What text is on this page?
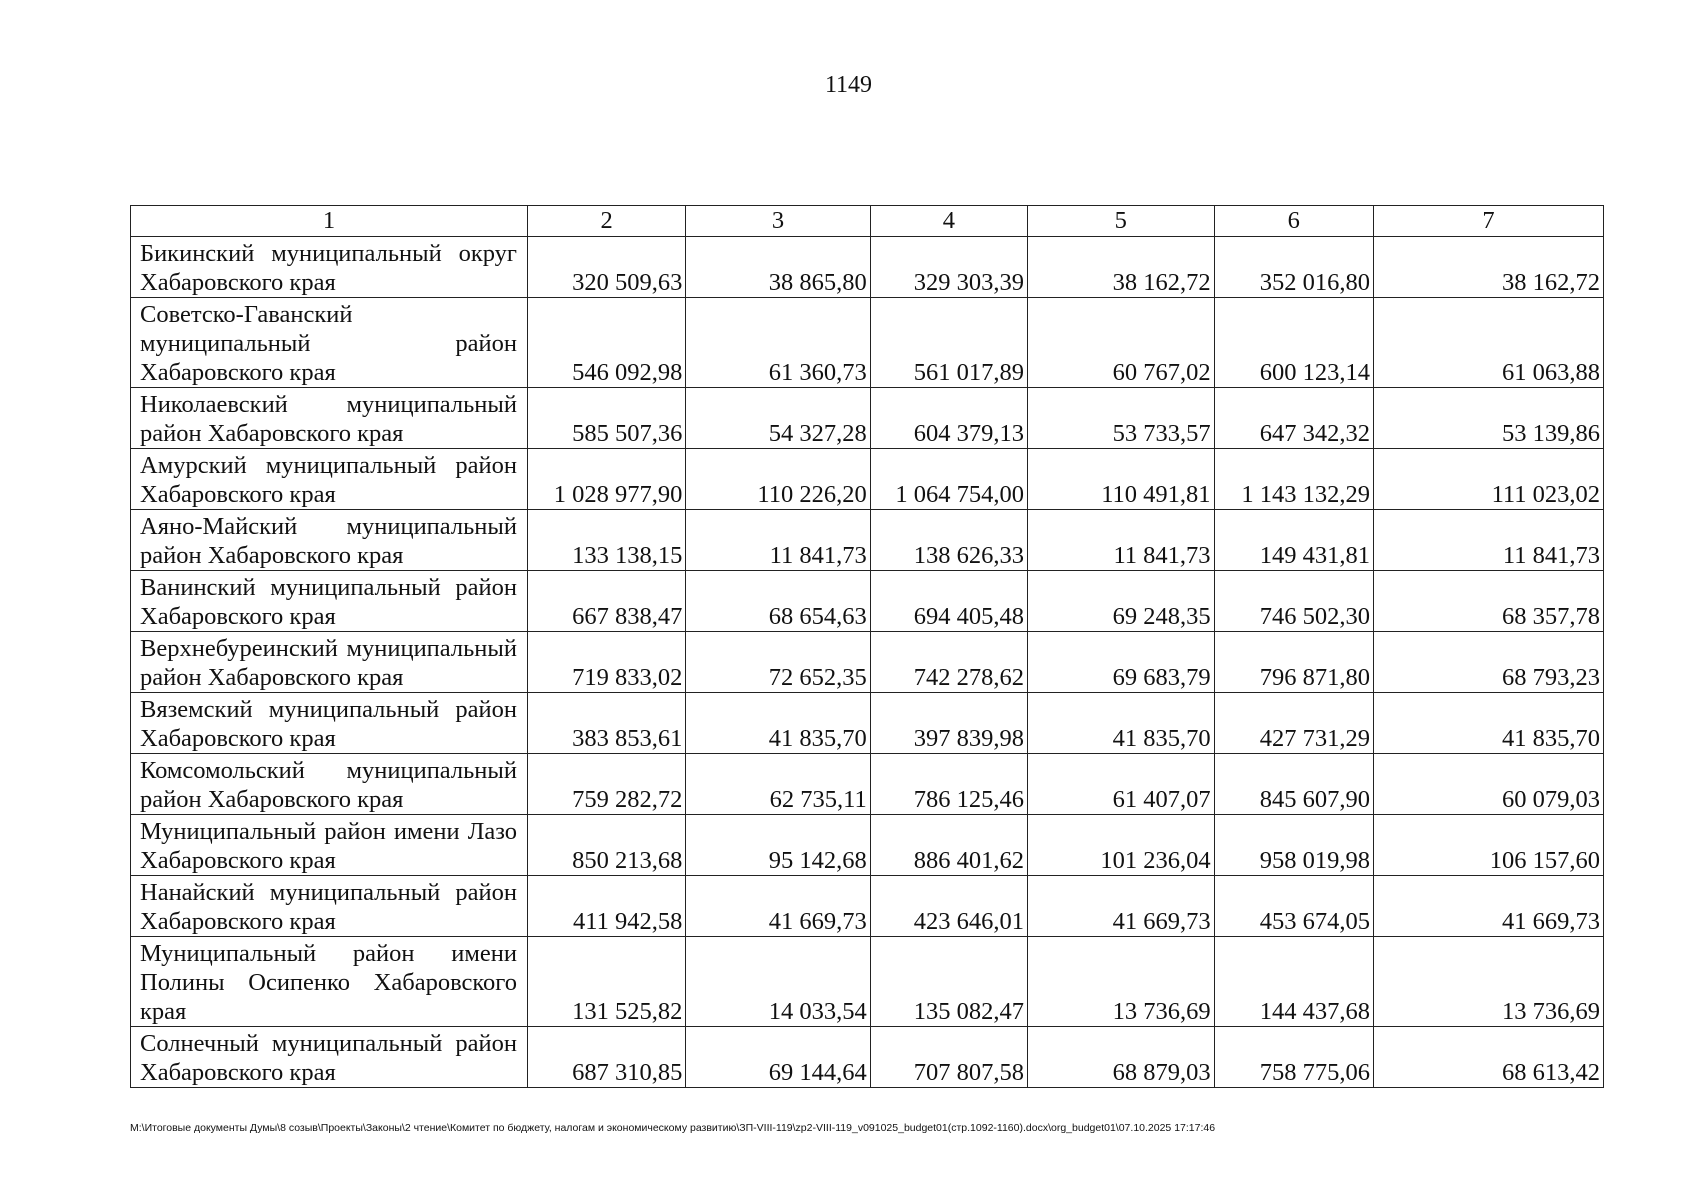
1149
1	2	3	4	5	6	7
Бикинский муниципальный округ Хабаровского края	320 509,63	38 865,80	329 303,39	38 162,72	352 016,80	38 162,72
Советско-Гаванский муниципальный район Хабаровского края	546 092,98	61 360,73	561 017,89	60 767,02	600 123,14	61 063,88
Николаевский муниципальный район Хабаровского края	585 507,36	54 327,28	604 379,13	53 733,57	647 342,32	53 139,86
Амурский муниципальный район Хабаровского края	1 028 977,90	110 226,20	1 064 754,00	110 491,81	1 143 132,29	111 023,02
Аяно-Майский муниципальный район Хабаровского края	133 138,15	11 841,73	138 626,33	11 841,73	149 431,81	11 841,73
Ванинский муниципальный район Хабаровского края	667 838,47	68 654,63	694 405,48	69 248,35	746 502,30	68 357,78
Верхнебуреинский муниципальный район Хабаровского края	719 833,02	72 652,35	742 278,62	69 683,79	796 871,80	68 793,23
Вяземский муниципальный район Хабаровского края	383 853,61	41 835,70	397 839,98	41 835,70	427 731,29	41 835,70
Комсомольский муниципальный район Хабаровского края	759 282,72	62 735,11	786 125,46	61 407,07	845 607,90	60 079,03
Муниципальный район имени Лазо Хабаровского края	850 213,68	95 142,68	886 401,62	101 236,04	958 019,98	106 157,60
Нанайский муниципальный район Хабаровского края	411 942,58	41 669,73	423 646,01	41 669,73	453 674,05	41 669,73
Муниципальный район имени Полины Осипенко Хабаровского края	131 525,82	14 033,54	135 082,47	13 736,69	144 437,68	13 736,69
Солнечный муниципальный район Хабаровского края	687 310,85	69 144,64	707 807,58	68 879,03	758 775,06	68 613,42
M:\Итоговые документы Думы\8 созыв\Проекты\Законы\2 чтение\Комитет по бюджету, налогам и экономическому развитию\ЗП-VIII-119\zp2-VIII-119_v091025_budget01(стр.1092-1160).docx\org_budget01\07.10.2025 17:17:46
